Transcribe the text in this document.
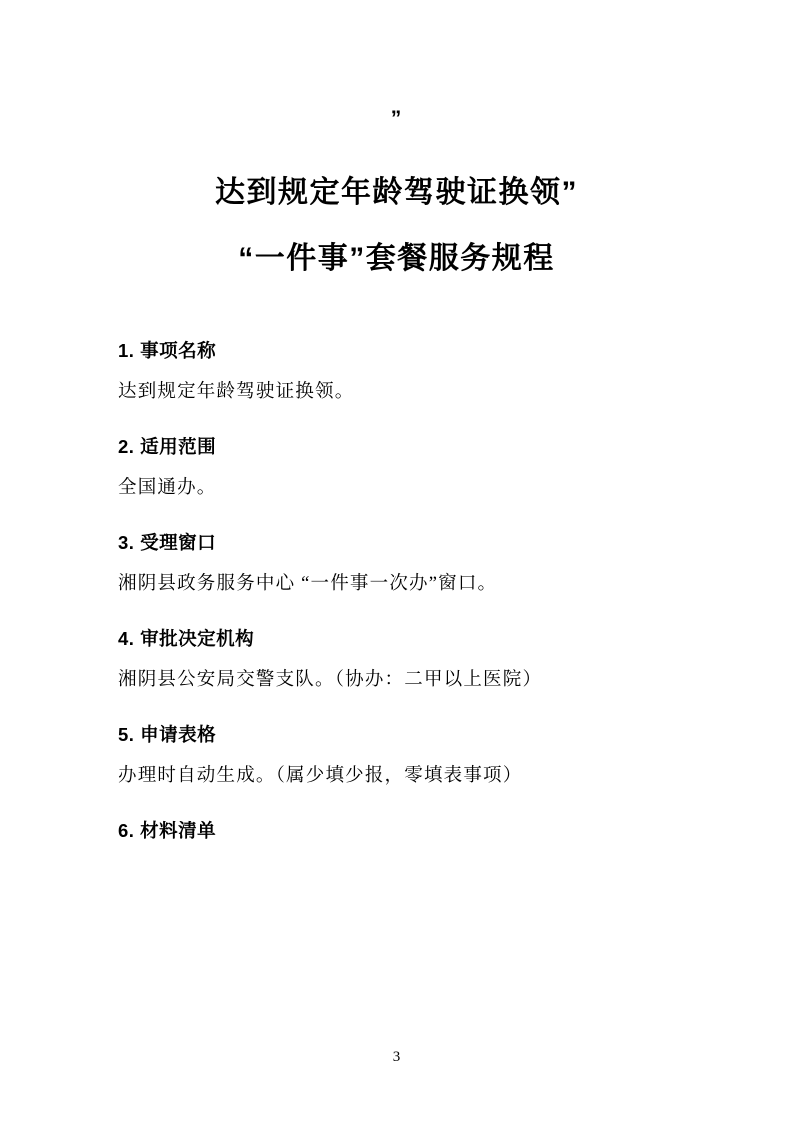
”
达到规定年龄驾驶证换领”
“一件事”套餐服务规程

1. 事项名称

达到规定年龄驾驶证换领。

2. 适用范围

全国通办。

3. 受理窗口

湘阴县政务服务中心 “一件事一次办”窗口。

4. 审批决定机构

湘阴县公安局交警支队。（协办：二甲以上医院）

5. 申请表格

办理时自动生成。（属少填少报，零填表事项）

6. 材料清单

3
